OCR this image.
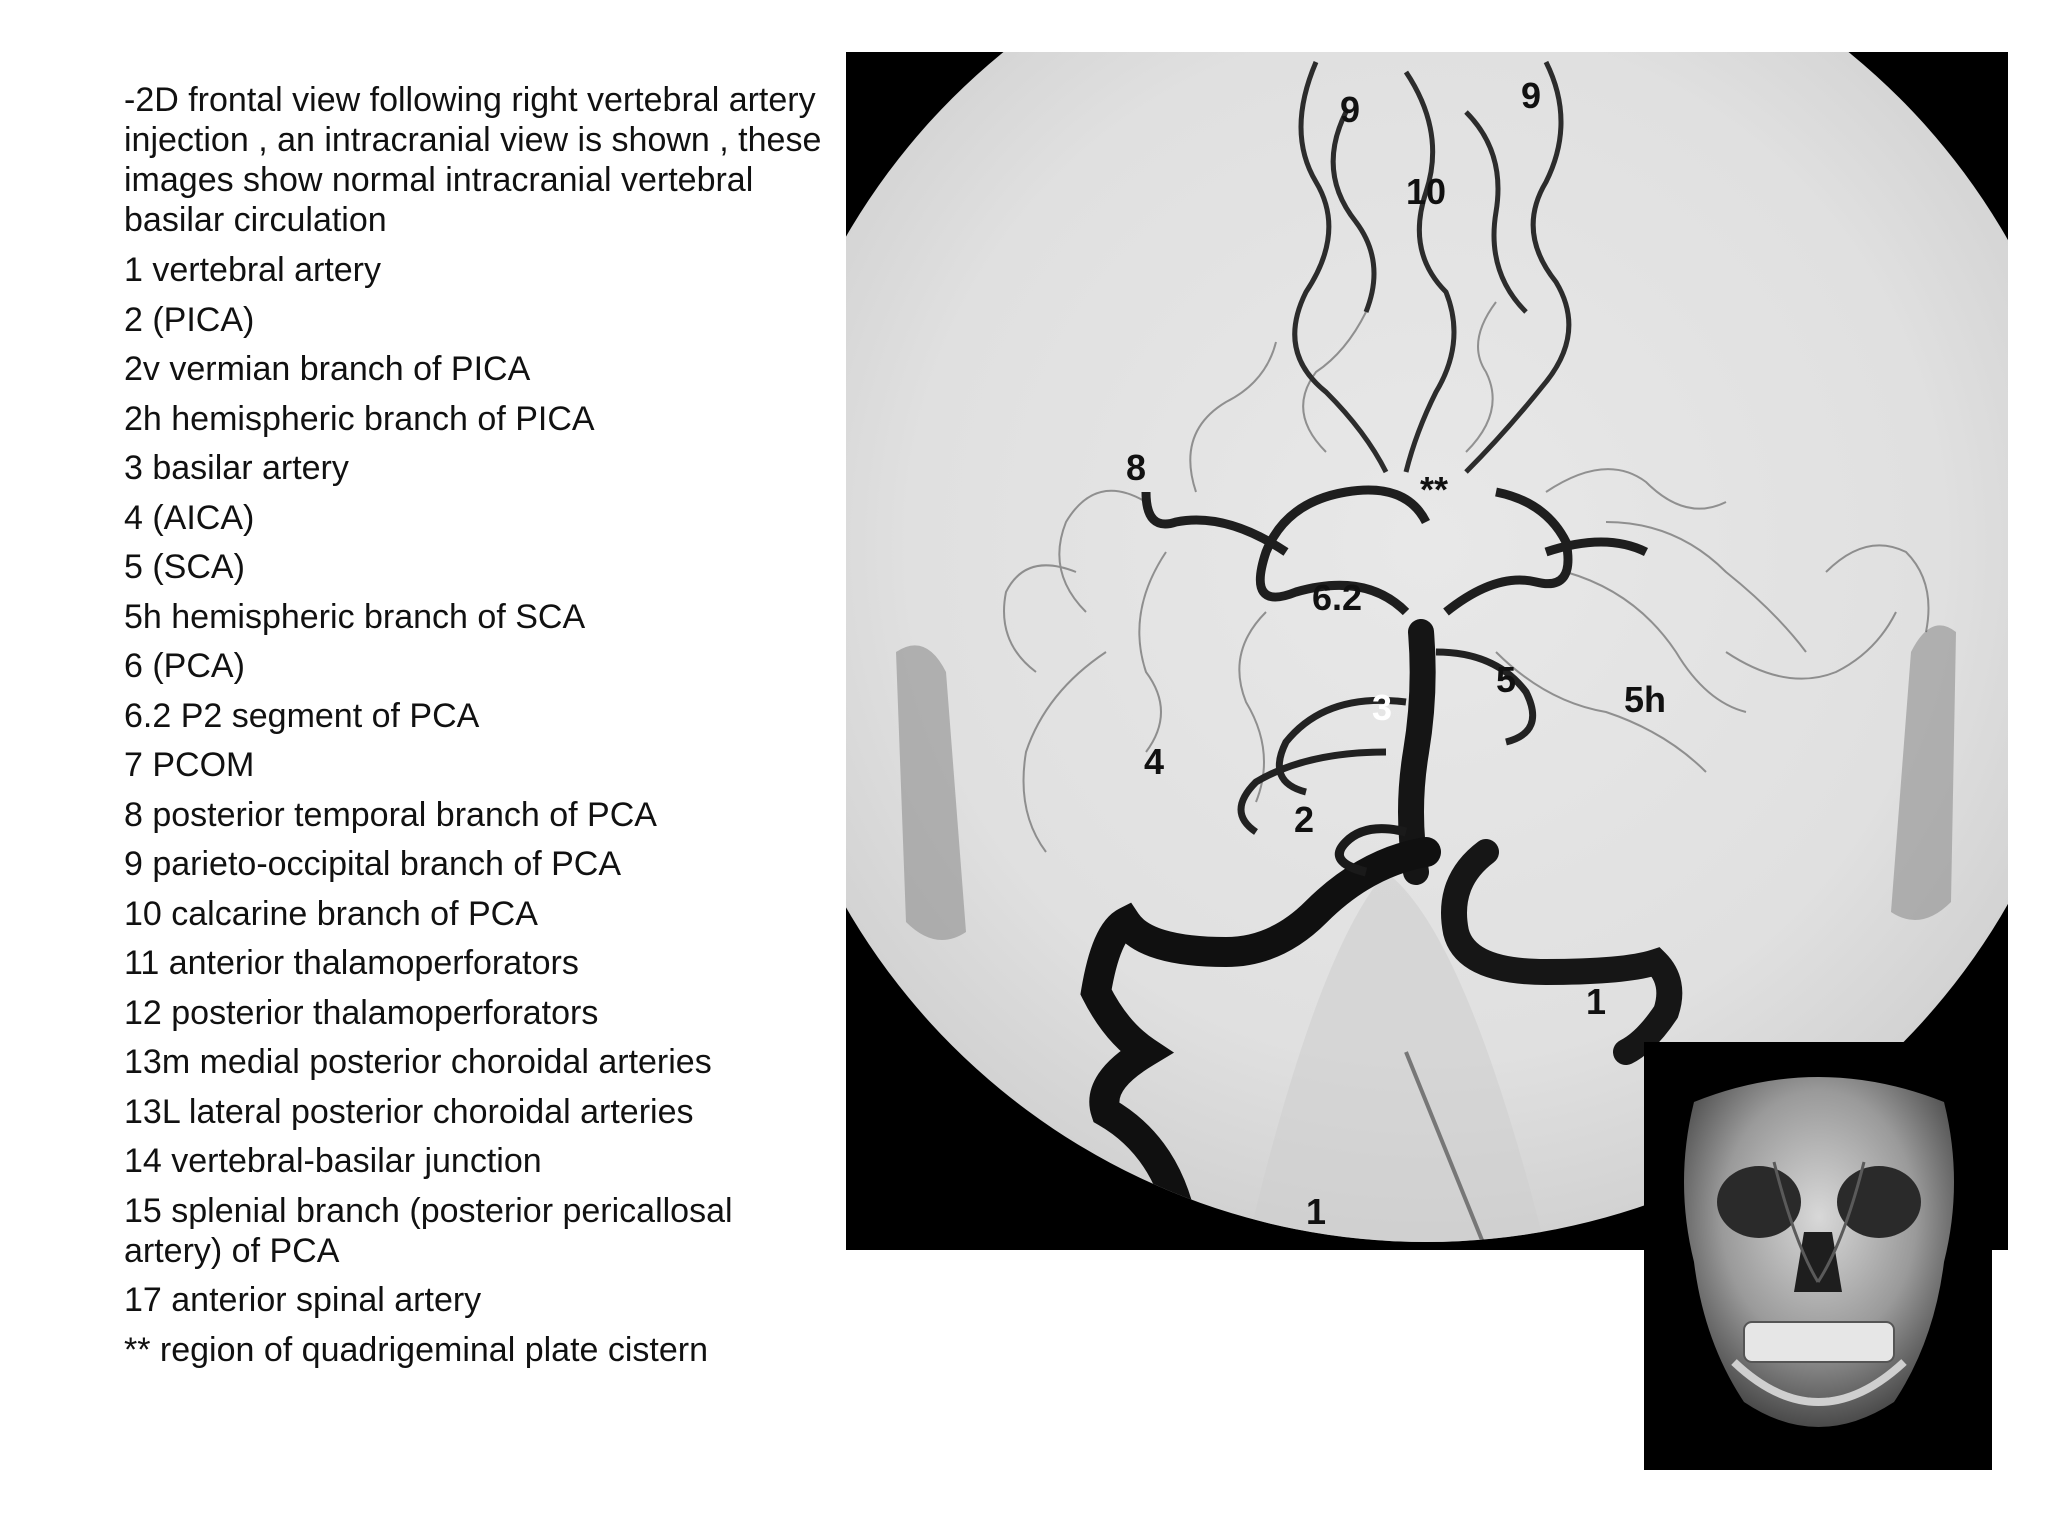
-2D frontal view following right vertebral artery injection , an intracranial view is shown , these images show normal intracranial vertebral basilar circulation

1 vertebral artery
2 (PICA)
2v vermian branch of PICA
2h hemispheric branch of PICA
3 basilar artery
4 (AICA)
5 (SCA)
5h hemispheric branch of SCA
6 (PCA)
6.2 P2 segment of PCA
7 PCOM
8 posterior temporal branch of PCA
9 parieto-occipital branch of PCA
10 calcarine branch of PCA
11 anterior thalamoperforators
12 posterior thalamoperforators
13m medial posterior choroidal arteries
13L lateral posterior choroidal arteries
14 vertebral-basilar junction
15 splenial branch (posterior pericallosal artery) of PCA
17 anterior spinal artery
** region of quadrigeminal plate cistern
9	9
10
8
**
6.2
3
5	5h
4
2
1
1
